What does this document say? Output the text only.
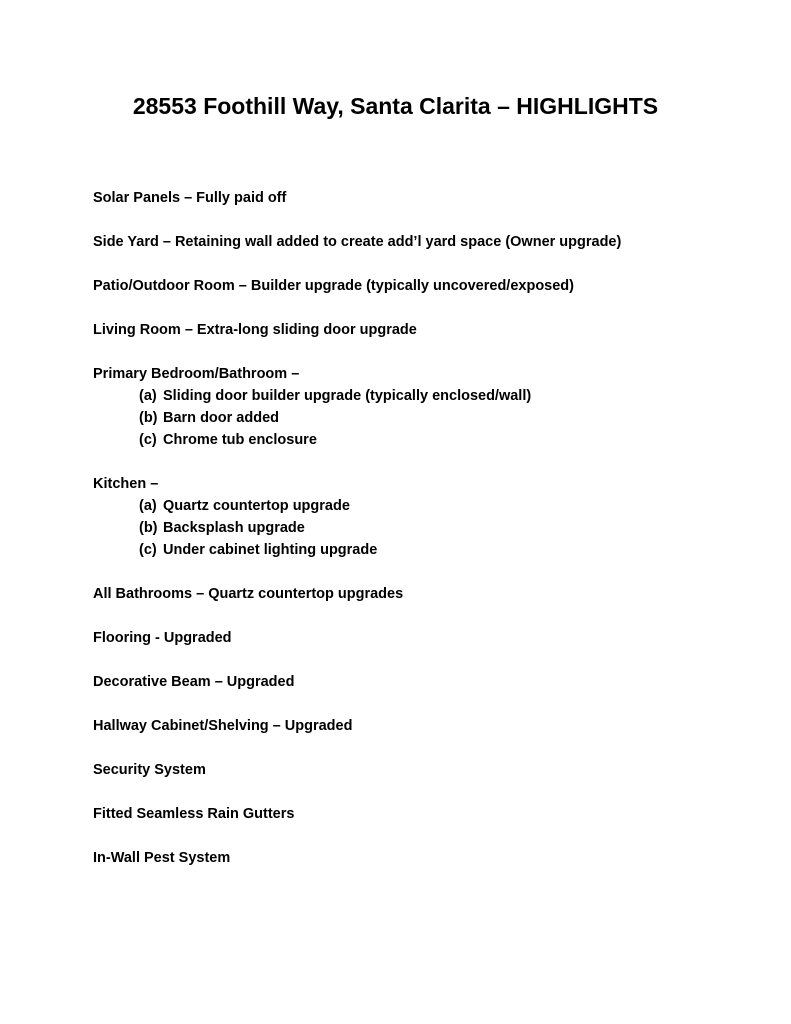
28553 Foothill Way, Santa Clarita – HIGHLIGHTS
Solar Panels – Fully paid off
Side Yard – Retaining wall added to create add’l yard space (Owner upgrade)
Patio/Outdoor Room – Builder upgrade (typically uncovered/exposed)
Living Room – Extra-long sliding door upgrade
Primary Bedroom/Bathroom –
(a) Sliding door builder upgrade (typically enclosed/wall)
(b) Barn door added
(c) Chrome tub enclosure
Kitchen –
(a) Quartz countertop upgrade
(b) Backsplash upgrade
(c) Under cabinet lighting upgrade
All Bathrooms – Quartz countertop upgrades
Flooring - Upgraded
Decorative Beam – Upgraded
Hallway Cabinet/Shelving – Upgraded
Security System
Fitted Seamless Rain Gutters
In-Wall Pest System
